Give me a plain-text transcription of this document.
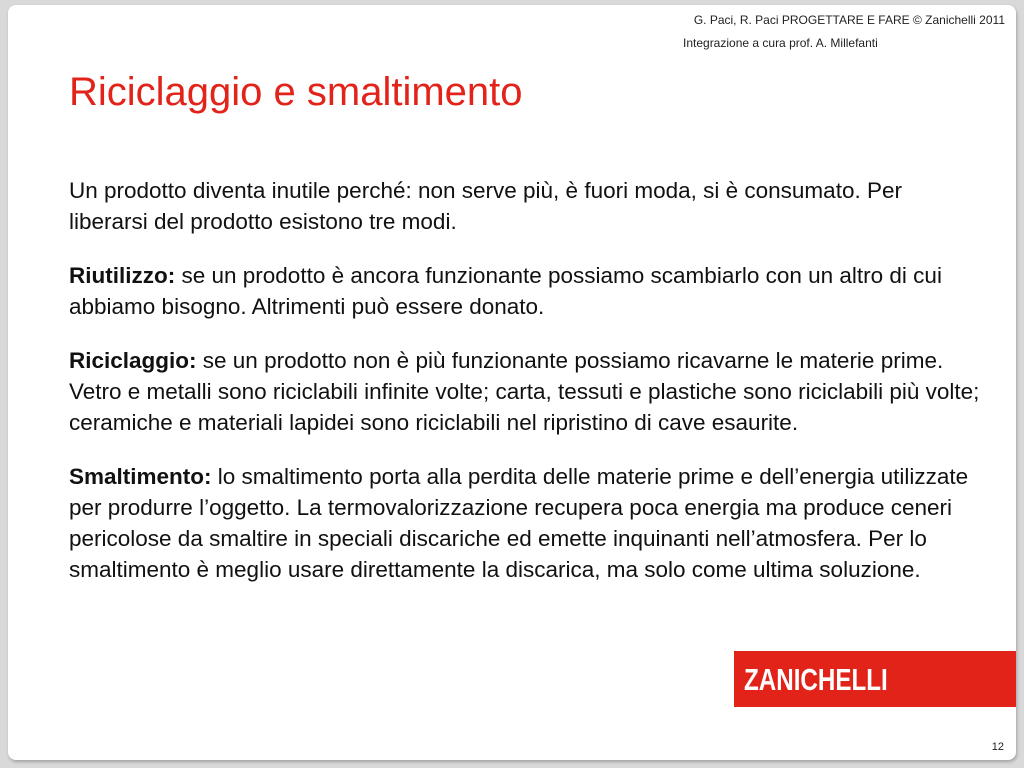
G. Paci, R. Paci PROGETTARE E FARE © Zanichelli 2011
Integrazione a cura prof. A. Millefanti
Riciclaggio e smaltimento

Un prodotto diventa inutile perché: non serve più, è fuori moda, si è consumato. Per liberarsi del prodotto esistono tre modi.

Riutilizzo: se un prodotto è ancora funzionante possiamo scambiarlo con un altro di cui abbiamo bisogno. Altrimenti può essere donato.

Riciclaggio: se un prodotto non è più funzionante possiamo ricavarne le materie prime. Vetro e metalli sono riciclabili infinite volte; carta, tessuti e plastiche sono riciclabili più volte; ceramiche e materiali lapidei sono riciclabili nel ripristino di cave esaurite.

Smaltimento: lo smaltimento porta alla perdita delle materie prime e dell’energia utilizzate per produrre l’oggetto. La termovalorizzazione recupera poca energia ma produce ceneri pericolose da smaltire in speciali discariche ed emette inquinanti nell’atmosfera. Per lo smaltimento è meglio usare direttamente la discarica, ma solo come ultima soluzione.

12
ZANICHELLI
